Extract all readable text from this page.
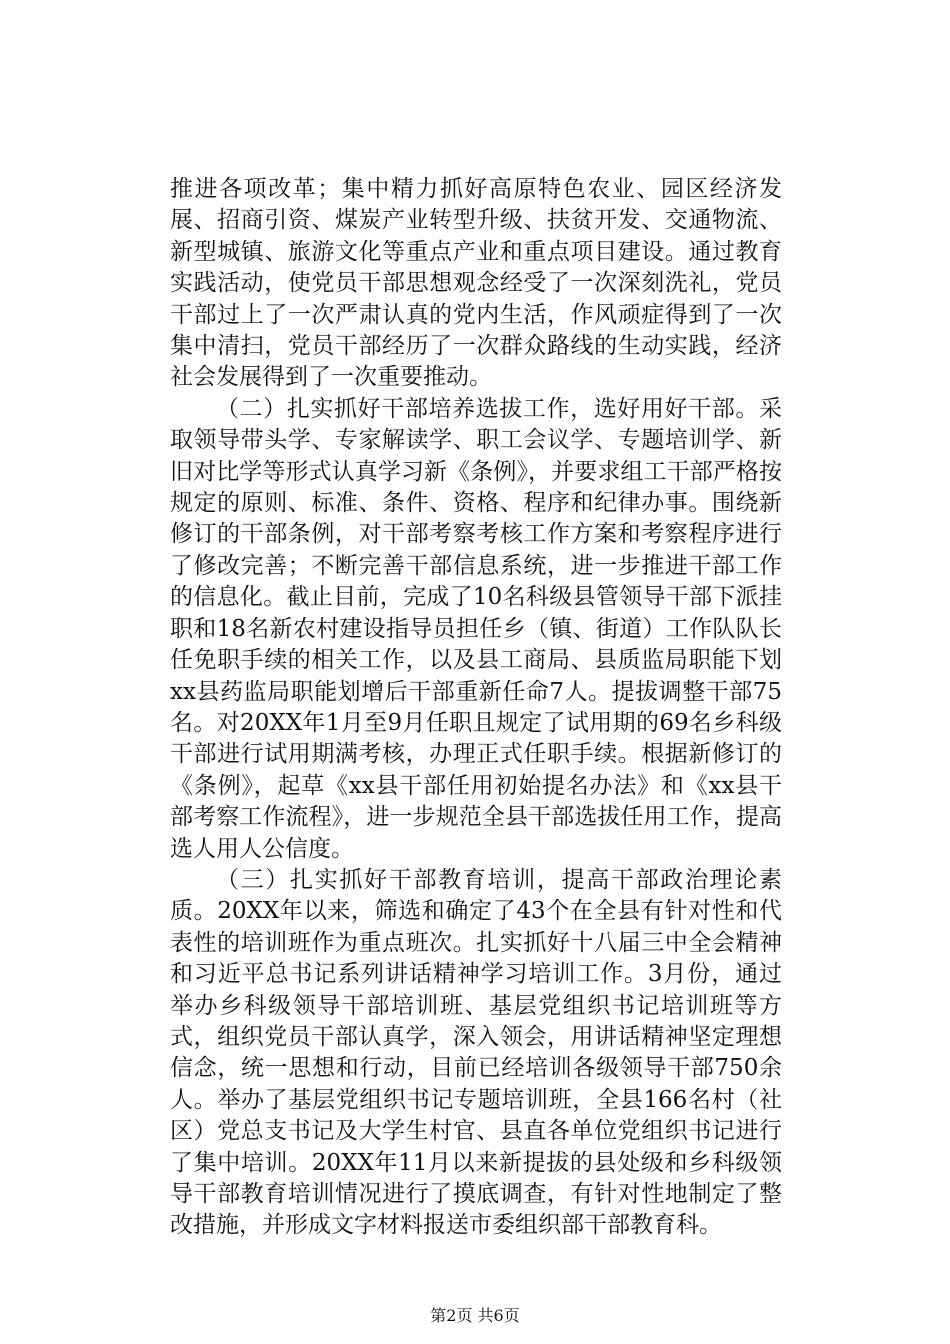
推进各项改革；集中精力抓好高原特色农业、园区经济发展、招商引资、煤炭产业转型升级、扶贫开发、交通物流、新型城镇、旅游文化等重点产业和重点项目建设。通过教育实践活动，使党员干部思想观念经受了一次深刻洗礼，党员干部过上了一次严肃认真的党内生活，作风顽症得到了一次集中清扫，党员干部经历了一次群众路线的生动实践，经济社会发展得到了一次重要推动。

（二）扎实抓好干部培养选拔工作，选好用好干部。采取领导带头学、专家解读学、职工会议学、专题培训学、新旧对比学等形式认真学习新《条例》，并要求组工干部严格按规定的原则、标准、条件、资格、程序和纪律办事。围绕新修订的干部条例，对干部考察考核工作方案和考察程序进行了修改完善；不断完善干部信息系统，进一步推进干部工作的信息化。截止目前，完成了10名科级县管领导干部下派挂职和18名新农村建设指导员担任乡（镇、街道）工作队队长任免职手续的相关工作，以及县工商局、县质监局职能下划xx县药监局职能划增后干部重新任命7人。提拔调整干部75名。对20XX年1月至9月任职且规定了试用期的69名乡科级干部进行试用期满考核，办理正式任职手续。根据新修订的《条例》，起草《xx县干部任用初始提名办法》和《xx县干部考察工作流程》，进一步规范全县干部选拔任用工作，提高选人用人公信度。

（三）扎实抓好干部教育培训，提高干部政治理论素质。20XX年以来，筛选和确定了43个在全县有针对性和代表性的培训班作为重点班次。扎实抓好十八届三中全会精神和习近平总书记系列讲话精神学习培训工作。3月份，通过举办乡科级领导干部培训班、基层党组织书记培训班等方式，组织党员干部认真学，深入领会，用讲话精神坚定理想信念，统一思想和行动，目前已经培训各级领导干部750余人。举办了基层党组织书记专题培训班，全县166名村（社区）党总支书记及大学生村官、县直各单位党组织书记进行了集中培训。20XX年11月以来新提拔的县处级和乡科级领导干部教育培训情况进行了摸底调查，有针对性地制定了整改措施，并形成文字材料报送市委组织部干部教育科。

第2页 共6页
